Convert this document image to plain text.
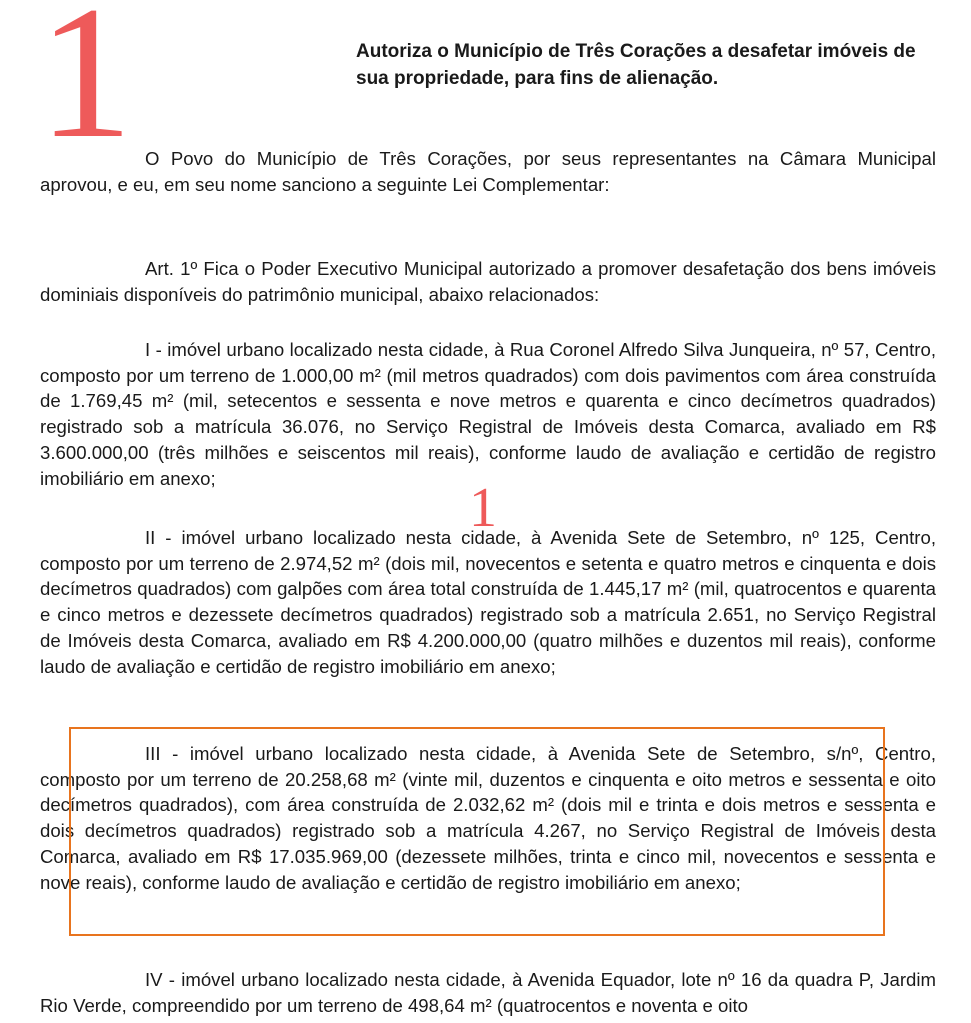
1	Autoriza o Município de Três Corações a desafetar imóveis de sua propriedade, para fins de alienação.

O Povo do Município de Três Corações, por seus representantes na Câmara Municipal aprovou, e eu, em seu nome sanciono a seguinte Lei Complementar:

Art. 1º Fica o Poder Executivo Municipal autorizado a promover desafetação dos bens imóveis dominiais disponíveis do patrimônio municipal, abaixo relacionados:

I - imóvel urbano localizado nesta cidade, à Rua Coronel Alfredo Silva Junqueira, nº 57, Centro, composto por um terreno de 1.000,00 m² (mil metros quadrados) com dois pavimentos com área construída de 1.769,45 m² (mil, setecentos e sessenta e nove metros e quarenta e cinco decímetros quadrados) registrado sob a matrícula 36.076, no Serviço Registral de Imóveis desta Comarca, avaliado em R$ 3.600.000,00 (três milhões e seiscentos mil reais), conforme laudo de avaliação e certidão de registro imobiliário em anexo;

II - imóvel urbano localizado nesta cidade, à Avenida Sete de Setembro, nº 125, Centro, composto por um terreno de 2.974,52 m² (dois mil, novecentos e setenta e quatro metros e cinquenta e dois decímetros quadrados) com galpões com área total construída de 1.445,17 m² (mil, quatrocentos e quarenta e cinco metros e dezessete decímetros quadrados) registrado sob a matrícula 2.651, no Serviço Registral de Imóveis desta Comarca, avaliado em R$ 4.200.000,00 (quatro milhões e duzentos mil reais), conforme laudo de avaliação e certidão de registro imobiliário em anexo;

1

III - imóvel urbano localizado nesta cidade, à Avenida Sete de Setembro, s/nº, Centro, composto por um terreno de 20.258,68 m² (vinte mil, duzentos e cinquenta e oito metros e sessenta e oito decímetros quadrados), com área construída de 2.032,62 m² (dois mil e trinta e dois metros e sessenta e dois decímetros quadrados) registrado sob a matrícula 4.267, no Serviço Registral de Imóveis desta Comarca, avaliado em R$ 17.035.969,00 (dezessete milhões, trinta e cinco mil, novecentos e sessenta e nove reais), conforme laudo de avaliação e certidão de registro imobiliário em anexo;

IV - imóvel urbano localizado nesta cidade, à Avenida Equador, lote nº 16 da quadra P, Jardim Rio Verde, compreendido por um terreno de 498,64 m² (quatrocentos e noventa e oito
